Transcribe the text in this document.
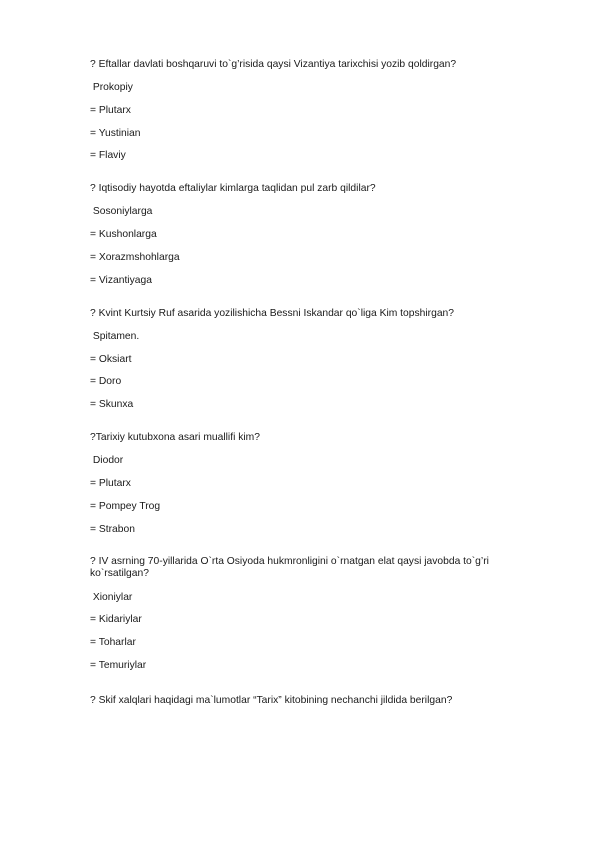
? Eftallar davlati boshqaruvi to`g’risida qaysi Vizantiya tarixchisi yozib qoldirgan?
Prokopiy
= Plutarx
= Yustinian
= Flaviy
? Iqtisodiy hayotda eftaliylar kimlarga taqlidan pul zarb qildilar?
Sosoniylarga
= Kushonlarga
= Xorazmshohlarga
= Vizantiyaga
? Kvint Kurtsiy Ruf asarida yozilishicha Bessni Iskandar qo`liga Kim topshirgan?
Spitamen.
= Oksiart
= Doro
= Skunxa
?Tarixiy kutubxona asari muallifi kim?
Diodor
= Plutarx
= Pompey Trog
= Strabon
? IV asrning 70-yillarida O`rta Osiyoda hukmronligini o`rnatgan elat qaysi javobda to`g’ri ko`rsatilgan?
Xioniylar
= Kidariylar
= Toharlar
= Temuriylar
? Skif xalqlari haqidagi ma`lumotlar “Tarix” kitobining nechanchi jildida berilgan?
